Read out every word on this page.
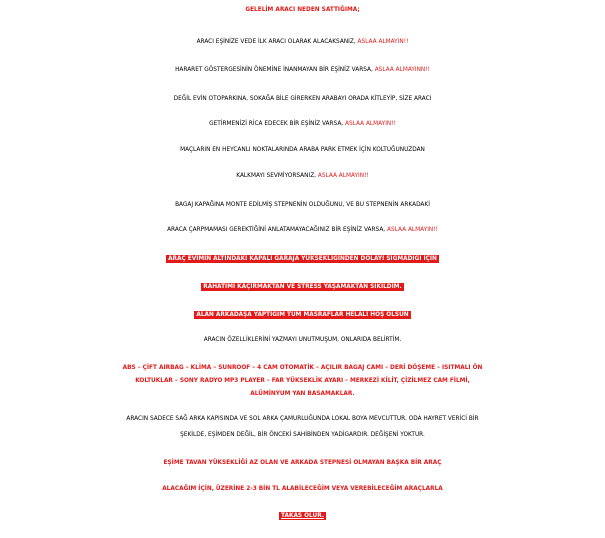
GELELİM ARACI NEDEN SATTIĞIMA;
ARACI EŞİNİZE VEDE İLK ARACI OLARAK ALACAKSANIZ, ASLAA ALMAYIN!!
HARARET GÖSTERGESİNİN ÖNEMİNE İNANMAYAN BİR EŞİNİZ VARSA, ASLAA ALMAYINN!!
DEĞİL EVİN OTOPARKINA, SOKAĞA BİLE GİRERKEN ARABAYI ORADA KİTLEYİP, SİZE ARACI
GETİRMENİZİ RİCA EDECEK BİR EŞİNİZ VARSA, ASLAA ALMAYIN!!
MAÇLARIN EN HEYCANLI NOKTALARINDA ARABA PARK ETMEK İÇİN KOLTUĞUNUZDAN
KALKMAYI SEVMİYORSANIZ, ASLAA ALMAYIN!!
BAGAJ KAPAĞINA MONTE EDİLMİŞ STEPNENİN OLDUĞUNU, VE BU STEPNENİN ARKADAKİ
ARACA ÇARPMAMASI GEREKTİĞİNİ ANLATAMAYACAĞINIZ BİR EŞİNİZ VARSA, ASLAA ALMAYIN!!
ARAÇ EVİMİN ALTINDAKİ KAPALI GARAJA YÜKSEKLİĞİNDEN DOLAYI SIĞMADIĞI İÇİN
RAHATIMI KAÇIRMAKTAN VE STRESS YAŞAMAKTAN SIKILDIM.
ALAN ARKADAŞA YAPTIĞIM TÜM MASRAFLAR HELALİ HOŞ OLSUN
ARACIN ÖZELLİKLERİNİ YAZMAYI UNUTMUŞUM, ONLARIDA BELİRTİM.
ABS – ÇİFT AIRBAG – KLİMA – SUNROOF – 4 CAM OTOMATİK – AÇILIR BAGAJ CAMI – DERİ DÖŞEME – ISITMALI ÖN
KOLTUKLAR – SONY RADYO MP3 PLAYER – FAR YÜKSEKLİK AYARI – MERKEZİ KİLİT, ÇİZİLMEZ CAM FİLMİ,
ALÜMİNYUM YAN BASAMAKLAR.
ARACIN SADECE SAĞ ARKA KAPISINDA VE SOL ARKA ÇAMURLUĞUNDA LOKAL BOYA MEVCUTTUR. ODA HAYRET VERİCİ BİR
ŞEKİLDE, EŞİMDEN DEĞİL, BİR ÖNCEKİ SAHİBİNDEN YADİGARDIR. DEĞİŞENİ YOKTUR.
EŞİME TAVAN YÜKSEKLİĞİ AZ OLAN VE ARKADA STEPNESİ OLMAYAN BAŞKA BİR ARAÇ
ALACAĞIM İÇİN, ÜZERİNE 2-3 BİN TL ALABİLECEĞİM VEYA VEREBİLECEĞİM ARAÇLARLA
TAKAS OLUR.
